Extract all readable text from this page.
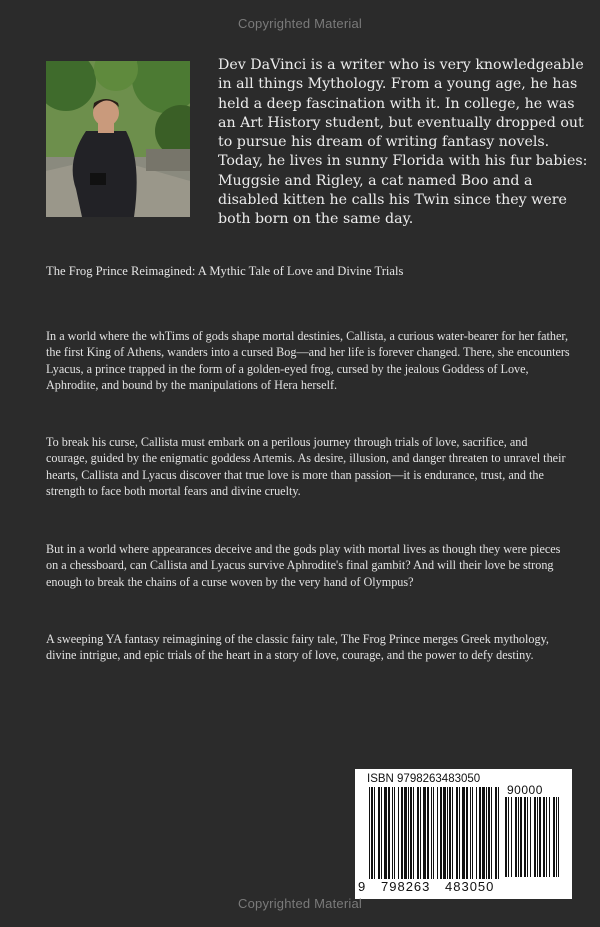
Copyrighted Material

Dev DaVinci is a writer who is very knowledgeable in all things Mythology. From a young age, he has held a deep fascination with it. In college, he was an Art History student, but eventually dropped out to pursue his dream of writing fantasy novels. Today, he lives in sunny Florida with his fur babies: Muggsie and Rigley, a cat named Boo and a disabled kitten he calls his Twin since they were both born on the same day.

The Frog Prince Reimagined: A Mythic Tale of Love and Divine Trials

In a world where the whTims of gods shape mortal destinies, Callista, a curious water-bearer for her father, the first King of Athens, wanders into a cursed Bog—and her life is forever changed. There, she encounters Lyacus, a prince trapped in the form of a golden-eyed frog, cursed by the jealous Goddess of Love, Aphrodite, and bound by the manipulations of Hera herself.

To break his curse, Callista must embark on a perilous journey through trials of love, sacrifice, and courage, guided by the enigmatic goddess Artemis. As desire, illusion, and danger threaten to unravel their hearts, Callista and Lyacus discover that true love is more than passion—it is endurance, trust, and the strength to face both mortal fears and divine cruelty.

But in a world where appearances deceive and the gods play with mortal lives as though they were pieces on a chessboard, can Callista and Lyacus survive Aphrodite's final gambit? And will their love be strong enough to break the chains of a curse woven by the very hand of Olympus?

A sweeping YA fantasy reimagining of the classic fairy tale, The Frog Prince merges Greek mythology, divine intrigue, and epic trials of the heart in a story of love, courage, and the power to defy destiny.

ISBN 9798263483050
90000
9 798263 483050
Copyrighted Material
